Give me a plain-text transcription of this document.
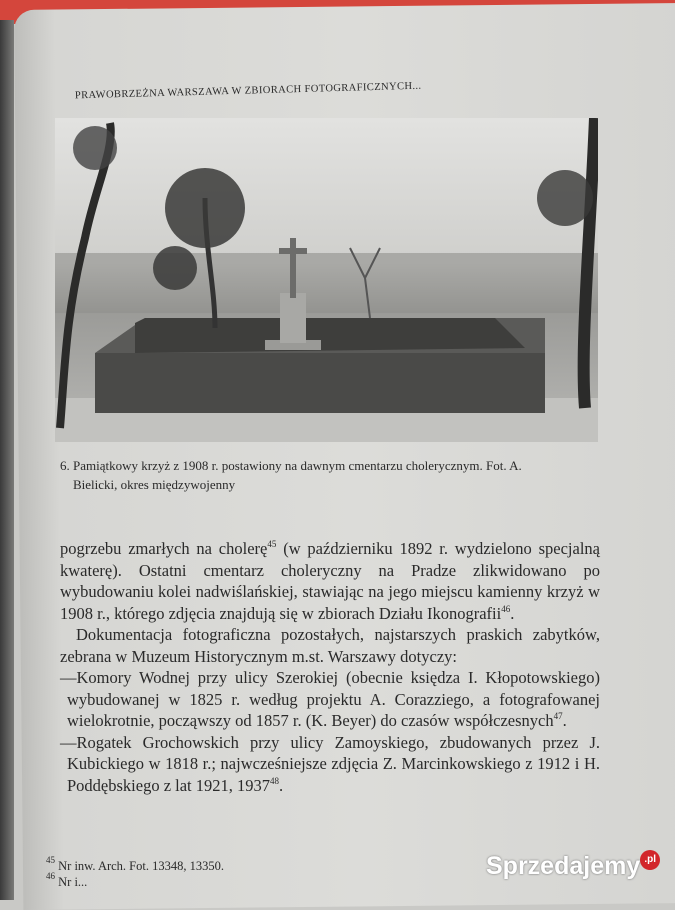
PRAWOBRZEŻNA WARSZAWA W ZBIORACH FOTOGRAFICZNYCH...

6. Pamiątkowy krzyż z 1908 r. postawiony na dawnym cmentarzu cholerycznym. Fot. A.

Bielicki, okres międzywojenny

pogrzebu zmarłych na cholerę$^{45}$ (w październiku 1892 r. wydzielono specjalną kwaterę). Ostatni cmentarz choleryczny na Pradze zlikwidowano po wybudowaniu kolei nadwiślańskiej, stawiając na jego miejscu kamienny krzyż w 1908 r., którego zdjęcia znajdują się w zbiorach Działu Ikonografii$^{46}$.

Dokumentacja fotograficzna pozostałych, najstarszych praskich zabytków, zebrana w Muzeum Historycznym m.st. Warszawy dotyczy:

—Komory Wodnej przy ulicy Szerokiej (obecnie księdza I. Kłopotowskiego) wybudowanej w 1825 r. według projektu A. Corazziego, a fotografowanej wielokrotnie, począwszy od 1857 r. (K. Beyer) do czasów współczesnych$^{47}$.

—Rogatek Grochowskich przy ulicy Zamoyskiego, zbudowanych przez J. Kubickiego w 1818 r.; najwcześniejsze zdjęcia Z. Marcinkowskiego z 1912 i H. Poddębskiego z lat 1921, 1937$^{48}$.

$^{45}$ Nr inw. Arch. Fot. 13348, 13350.
$^{46}$ Nr i...
Sprzedajemy .pl
